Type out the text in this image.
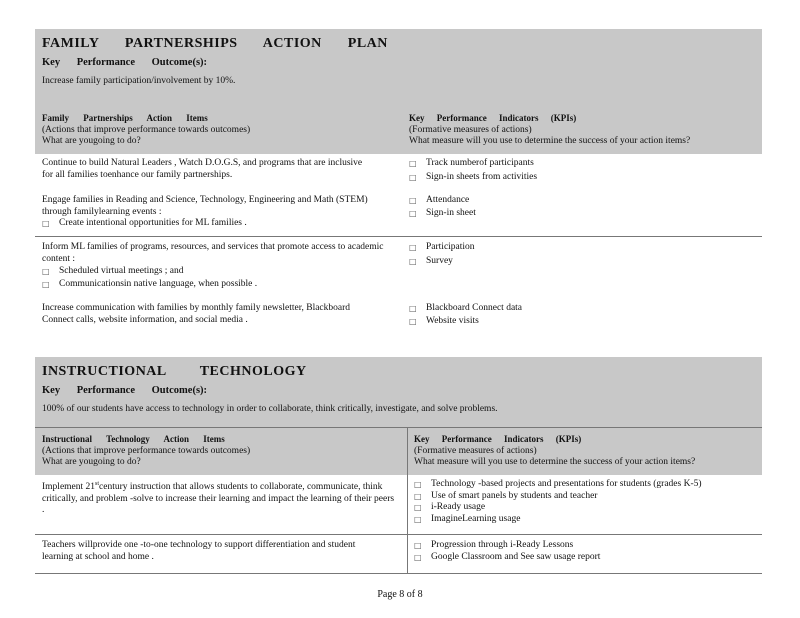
FAMILY PARTNERSHIPS ACTION PLAN
Key Performance Outcome(s):
Increase family participation/involvement by 10%.
Family Partnerships Action Items
(Actions that improve performance towards outcomes)
What are yougoing to do?
Key Performance Indicators (KPIs)
(Formative measures of actions)
What measure will you use to determine the success of your action items?
Continue to build Natural Leaders , Watch D.O.G.S, and programs that are inclusive for all families toenhance our family partnerships.
Engage families in Reading and Science, Technology, Engineering and Math (STEM) through familylearning events :
□ Create intentional opportunities for ML families .
□ Track numberof participants
□ Sign-in sheets from activities
□ Attendance
□ Sign-in sheet
Inform ML families of programs, resources, and services that promote access to academic content :
□ Scheduled virtual meetings ; and
□ Communicationsin native language, when possible .
Increase communication with families by monthly family newsletter, Blackboard Connect calls, website information, and social media .
□ Participation
□ Survey
□ Blackboard Connect data
□ Website visits
INSTRUCTIONAL TECHNOLOGY
Key Performance Outcome(s):
100% of our students have access to technology in order to collaborate, think critically, investigate, and solve problems.
Instructional Technology Action Items
(Actions that improve performance towards outcomes)
What are yougoing to do?
Key Performance Indicators (KPIs)
(Formative measures of actions)
What measure will you use to determine the success of your action items?
Implement 21stcentury instruction that allows students to collaborate, communicate, think critically, and problem -solve to increase their learning and impact the learning of their peers .
□ Technology -based projects and presentations for students (grades K-5)
□ Use of smart panels by students and teacher
□ i-Ready usage
□ ImagineLearning usage
Teachers willprovide one -to-one technology to support differentiation and student learning at school and home .
□ Progression through i-Ready Lessons
□ Google Classroom and See saw usage report
Page 8 of 8
